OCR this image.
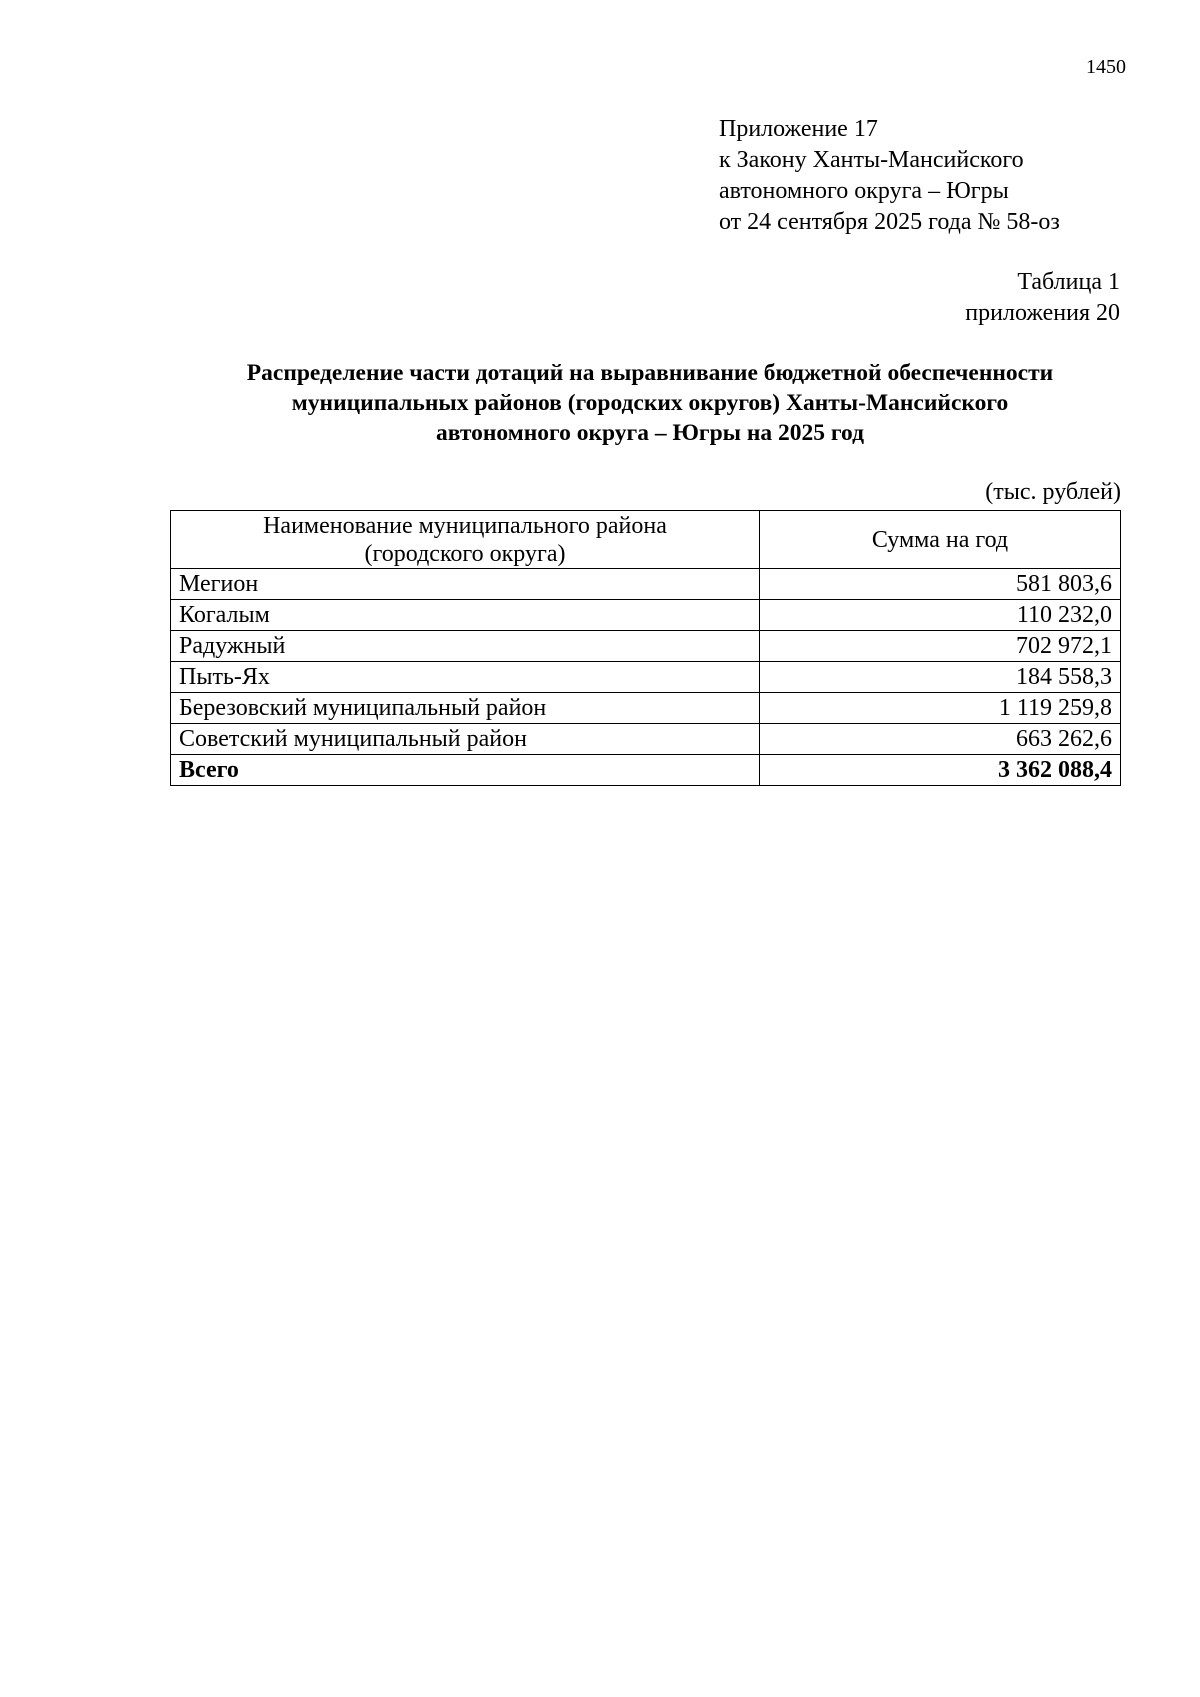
1450
Приложение 17
к Закону Ханты-Мансийского
автономного округа – Югры
от 24 сентября 2025 года № 58-оз
Таблица 1
приложения 20
Распределение части дотаций на выравнивание бюджетной обеспеченности
муниципальных районов (городских округов) Ханты-Мансийского
автономного округа – Югры на 2025 год
(тыс. рублей)
Наименование муниципального района
(городского округа)	Сумма на год
Мегион	581 803,6
Когалым	110 232,0
Радужный	702 972,1
Пыть-Ях	184 558,3
Березовский муниципальный район	1 119 259,8
Советский муниципальный район	663 262,6
Всего	3 362 088,4
